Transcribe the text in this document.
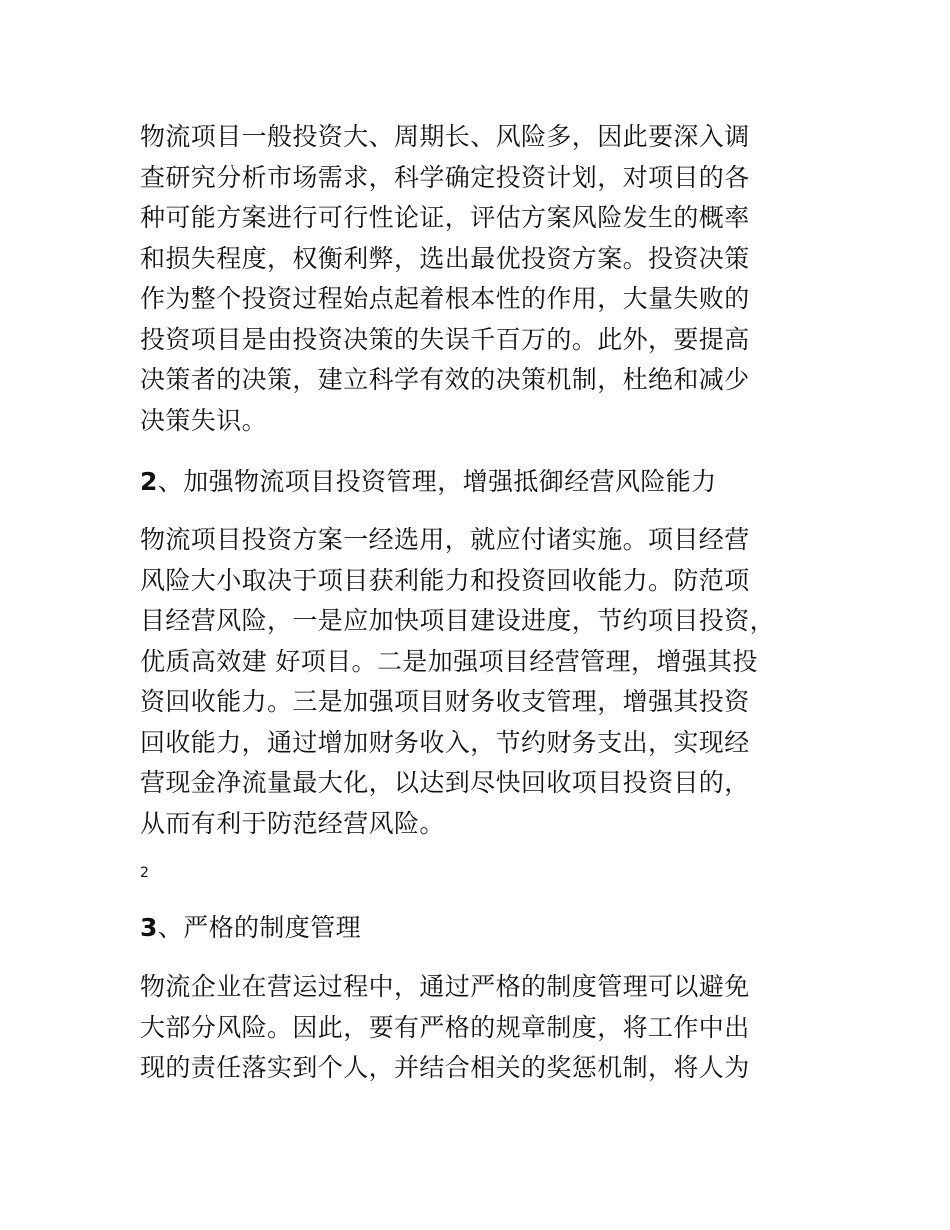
物流项目一般投资大、周期长、风险多，因此要深入调
查研究分析市场需求，科学确定投资计划，对项目的各
种可能方案进行可行性论证，评估方案风险发生的概率
和损失程度，权衡利弊，选出最优投资方案。投资决策
作为整个投资过程始点起着根本性的作用，大量失败的
投资项目是由投资决策的失误千百万的。此外，要提高
决策者的决策，建立科学有效的决策机制，杜绝和减少
决策失识。
2、加强物流项目投资管理，增强抵御经营风险能力
物流项目投资方案一经选用，就应付诸实施。项目经营
风险大小取决于项目获利能力和投资回收能力。防范项
目经营风险，一是应加快项目建设进度，节约项目投资，
优质高效建 好项目。二是加强项目经营管理，增强其投
资回收能力。三是加强项目财务收支管理，增强其投资
回收能力，通过增加财务收入，节约财务支出，实现经
营现金净流量最大化，以达到尽快回收项目投资目的，
从而有利于防范经营风险。
2
3、严格的制度管理
物流企业在营运过程中，通过严格的制度管理可以避免
大部分风险。因此，要有严格的规章制度，将工作中出
现的责任落实到个人，并结合相关的奖惩机制，将人为
